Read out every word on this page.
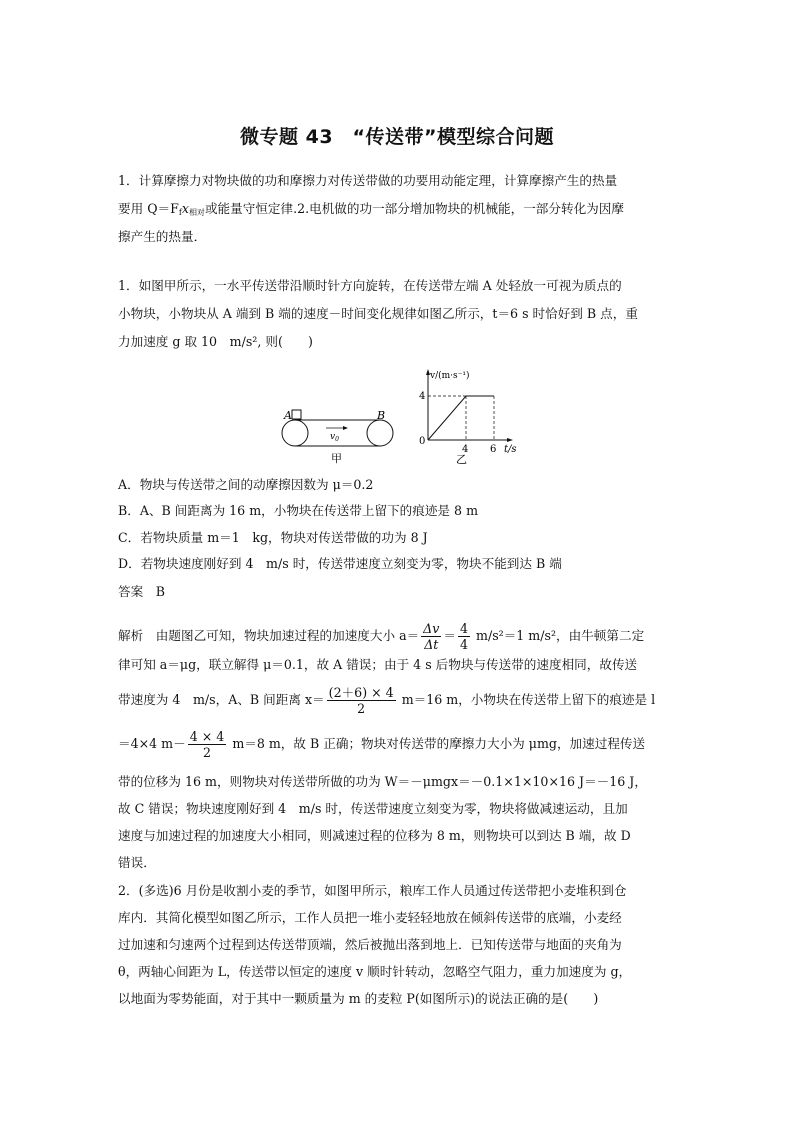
微专题 43　“传送带”模型综合问题
1．计算摩擦力对物块做的功和摩擦力对传送带做的功要用动能定理，计算摩擦产生的热量
要用 $Q=F_fx_{相对}$或能量守恒定律.2.电机做的功一部分增加物块的机械能，一部分转化为因摩
擦产生的热量．
1．如图甲所示，一水平传送带沿顺时针方向旋转，在传送带左端 A 处轻放一可视为质点的
小物块，小物块从 A 端到 B 端的速度－时间变化规律如图乙所示，t＝6 s 时恰好到 B 点，重
力加速度 g 取 10　m/s², 则(　　)
A	B
$v_0$
甲
v/(m·s⁻¹)
4
0
4 6 t/s
乙
A．物块与传送带之间的动摩擦因数为 μ＝0.2
B．A、B 间距离为 16 m，小物块在传送带上留下的痕迹是 8 m
C．若物块质量 m＝1　kg，物块对传送带做的功为 8 J
D．若物块速度刚好到 4　m/s 时，传送带速度立刻变为零，物块不能到达 B 端
答案　B
解析　由题图乙可知，物块加速过程的加速度大小 $a= \frac{\Delta v}{\Delta t} = \frac{4}{4} m/s^2=1$ m/s²，由牛顿第二定
律可知 a＝μg，联立解得 μ＝0.1，故 A 错误；由于 4 s 后物块与传送带的速度相同，故传送
带速度为 4　m/s，A、B 间距离 $x= \frac{(2+6) \times 4}{2} m=16$ m，小物块在传送带上留下的痕迹是 l
＝4×4 $m- \frac{4 \times 4}{2} m=8$ m，故 B 正确；物块对传送带的摩擦力大小为 μmg，加速过程传送
带的位移为 16 m，则物块对传送带所做的功为 W＝－μmgx＝－0.1×1×10×16 J＝－16 J，
故 C 错误；物块速度刚好到 4　m/s 时，传送带速度立刻变为零，物块将做减速运动，且加
速度与加速过程的加速度大小相同，则减速过程的位移为 8 m，则物块可以到达 B 端，故 D
错误．
2．(多选)6 月份是收割小麦的季节，如图甲所示，粮库工作人员通过传送带把小麦堆积到仓
库内．其简化模型如图乙所示，工作人员把一堆小麦轻轻地放在倾斜传送带的底端，小麦经
过加速和匀速两个过程到达传送带顶端，然后被抛出落到地上．已知传送带与地面的夹角为
θ，两轴心间距为 L，传送带以恒定的速度 v 顺时针转动，忽略空气阻力，重力加速度为 g，
以地面为零势能面，对于其中一颗质量为 m 的麦粒 P(如图所示)的说法正确的是(　　)
